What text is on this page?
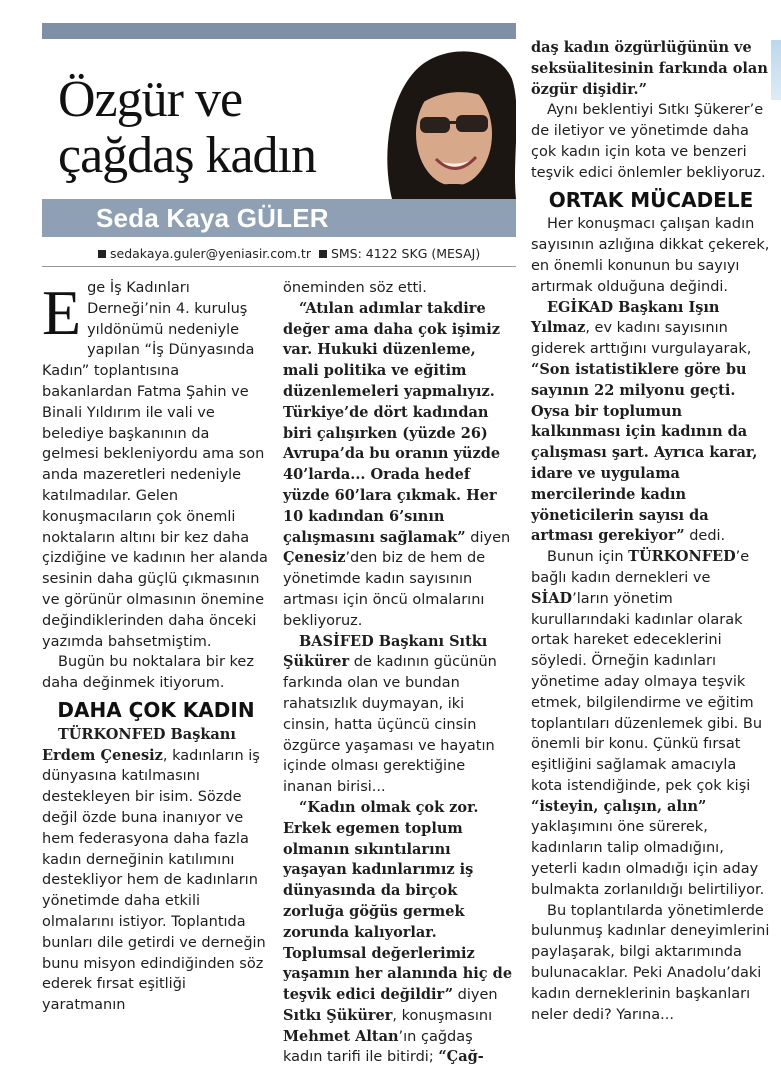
Özgür ve
çağdaş kadın
Seda Kaya GÜLER
sedakaya.guler@yeniasir.com.tr SMS: 4122 SKG (MESAJ)

Ege İş Kadınları Derneği’nin 4. kuruluş yıldönümü nedeniyle yapılan “İş Dünyasında Kadın” toplantısına bakanlardan Fatma Şahin ve Binali Yıldırım ile vali ve belediye başkanının da gelmesi bekleniyordu ama son anda mazeretleri nedeniyle katılmadılar. Gelen konuşmacıların çok önemli noktaların altını bir kez daha çizdiğine ve kadının her alanda sesinin daha güçlü çıkmasının ve görünür olmasının önemine değindiklerinden daha önceki yazımda bahsetmiştim.

Bugün bu noktalara bir kez daha değinmek itiyorum.

DAHA ÇOK KADIN

TÜRKONFED Başkanı Erdem Çenesiz, kadınların iş dünyasına katılmasını destekleyen bir isim. Sözde değil özde buna inanıyor ve hem federasyona daha fazla kadın derneğinin katılımını destekliyor hem de kadınların yönetimde daha etkili olmalarını istiyor. Toplantıda bunları dile getirdi ve derneğin bunu misyon edindiğinden söz ederek fırsat eşitliği yaratmanın

öneminden söz etti.

“Atılan adımlar takdire değer ama daha çok işimiz var. Hukuki düzenleme, mali politika ve eğitim düzenlemeleri yapmalıyız. Türkiye’de dört kadından biri çalışırken (yüzde 26) Avrupa’da bu oranın yüzde 40’larda... Orada hedef yüzde 60’lara çıkmak. Her 10 kadından 6’sının çalışmasını sağlamak” diyen Çenesiz’den biz de hem de yönetimde kadın sayısının artması için öncü olmalarını bekliyoruz.

BASİFED Başkanı Sıtkı Şükürer de kadının gücünün farkında olan ve bundan rahatsızlık duymayan, iki cinsin, hatta üçüncü cinsin özgürce yaşaması ve hayatın içinde olması gerektiğine inanan birisi...

“Kadın olmak çok zor. Erkek egemen toplum olmanın sıkıntılarını yaşayan kadınlarımız iş dünyasında da birçok zorluğa göğüs germek zorunda kalıyorlar. Toplumsal değerlerimiz yaşamın her alanında hiç de teşvik edici değildir” diyen Sıtkı Şükürer, konuşmasını Mehmet Altan’ın çağdaş kadın tarifi ile bitirdi; “Çağ-

daş kadın özgürlüğünün ve seksüalitesinin farkında olan özgür dişidir.”

Aynı beklentiyi Sıtkı Şükerer’e de iletiyor ve yönetimde daha çok kadın için kota ve benzeri teşvik edici önlemler bekliyoruz.

ORTAK MÜCADELE

Her konuşmacı çalışan kadın sayısının azlığına dikkat çekerek, en önemli konunun bu sayıyı artırmak olduğuna değindi.

EGİKAD Başkanı Işın Yılmaz, ev kadını sayısının giderek arttığını vurgulayarak, “Son istatistiklere göre bu sayının 22 milyonu geçti. Oysa bir toplumun kalkınması için kadının da çalışması şart. Ayrıca karar, idare ve uygulama mercilerinde kadın yöneticilerin sayısı da artması gerekiyor” dedi.

Bunun için TÜRKONFED’e bağlı kadın dernekleri ve SİAD’ların yönetim kurullarındaki kadınlar olarak ortak hareket edeceklerini söyledi. Örneğin kadınları yönetime aday olmaya teşvik etmek, bilgilendirme ve eğitim toplantıları düzenlemek gibi. Bu önemli bir konu. Çünkü fırsat eşitliğini sağlamak amacıyla kota istendiğinde, pek çok kişi “isteyin, çalışın, alın” yaklaşımını öne sürerek, kadınların talip olmadığını, yeterli kadın olmadığı için aday bulmakta zorlanıldığı belirtiliyor.

Bu toplantılarda yönetimlerde bulunmuş kadınlar deneyimlerini paylaşarak, bilgi aktarımında bulunacaklar. Peki Anadolu’daki kadın derneklerinin başkanları neler dedi? Yarına...
